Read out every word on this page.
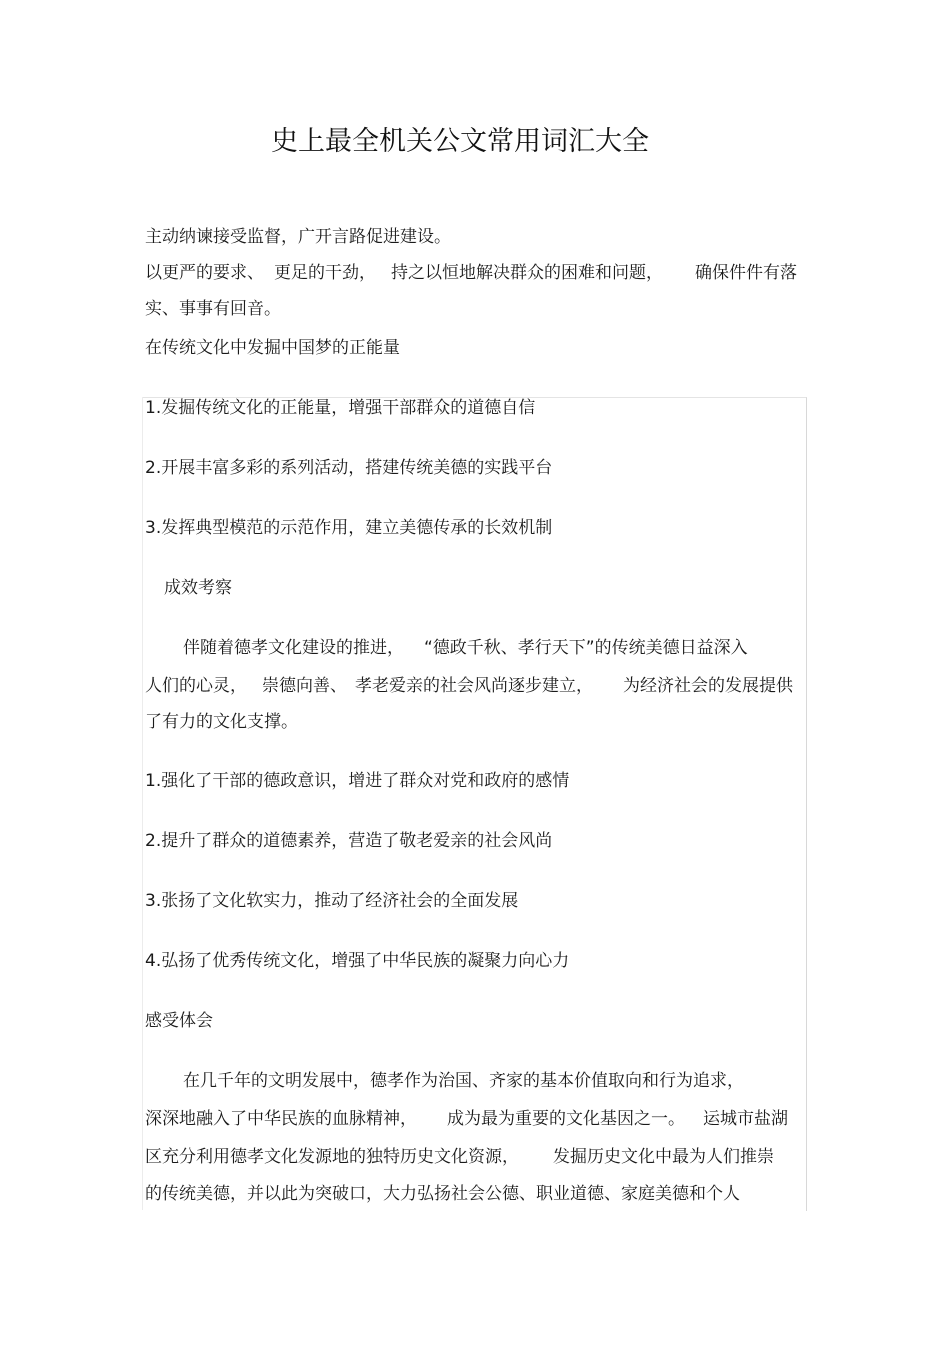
史上最全机关公文常用词汇大全
主动纳谏接受监督，广开言路促进建设。
以更严的要求、 更足的干劲， 持之以恒地解决群众的困难和问题， 确保件件有落
实、事事有回音。
在传统文化中发掘中国梦的正能量
1.发掘传统文化的正能量，增强干部群众的道德自信
2.开展丰富多彩的系列活动，搭建传统美德的实践平台
3.发挥典型模范的示范作用，建立美德传承的长效机制
成效考察
伴随着德孝文化建设的推进， “德政千秋、孝行天下”的传统美德日益深入
人们的心灵， 崇德向善、 孝老爱亲的社会风尚逐步建立， 为经济社会的发展提供
了有力的文化支撑。
1.强化了干部的德政意识，增进了群众对党和政府的感情
2.提升了群众的道德素养，营造了敬老爱亲的社会风尚
3.张扬了文化软实力，推动了经济社会的全面发展
4.弘扬了优秀传统文化，增强了中华民族的凝聚力向心力
感受体会
在几千年的文明发展中，德孝作为治国、齐家的基本价值取向和行为追求，
深深地融入了中华民族的血脉精神， 成为最为重要的文化基因之一。 运城市盐湖
区充分利用德孝文化发源地的独特历史文化资源， 发掘历史文化中最为人们推崇
的传统美德，并以此为突破口，大力弘扬社会公德、职业道德、家庭美德和个人
